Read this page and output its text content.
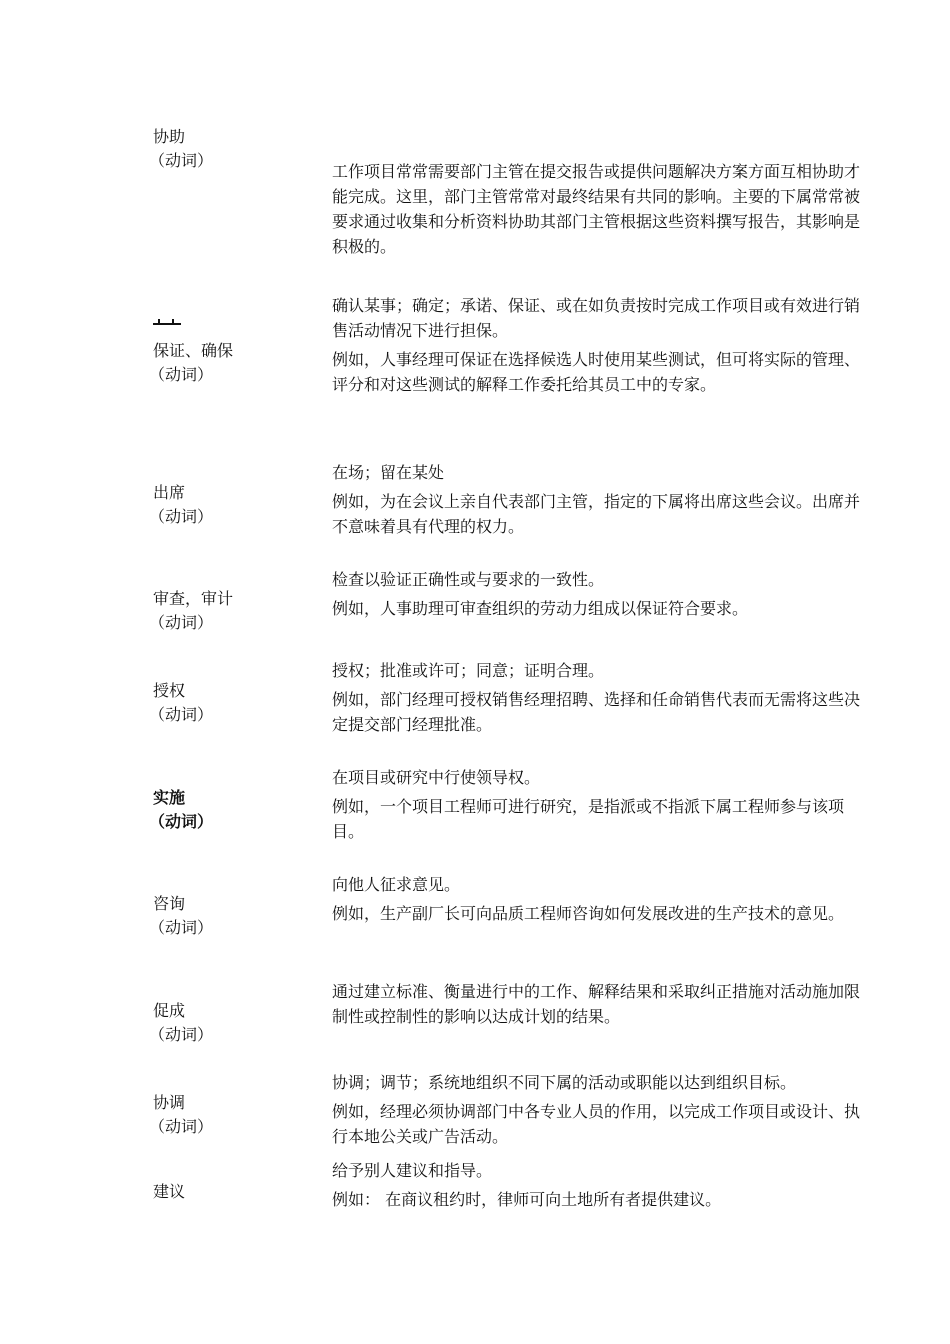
协助
（动词）

工作项目常常需要部门主管在提交报告或提供问题解决方案方面互相协助才能完成。这里，部门主管常常对最终结果有共同的影响。主要的下属常常被要求通过收集和分析资料协助其部门主管根据这些资料撰写报告，其影响是积极的。

保证、确保
（动词）

确认某事；确定；承诺、保证、或在如负责按时完成工作项目或有效进行销售活动情况下进行担保。

例如，人事经理可保证在选择候选人时使用某些测试，但可将实际的管理、评分和对这些测试的解释工作委托给其员工中的专家。

出席
（动词）

在场；留在某处

例如，为在会议上亲自代表部门主管，指定的下属将出席这些会议。出席并不意味着具有代理的权力。

审查，审计
（动词）

检查以验证正确性或与要求的一致性。

例如，人事助理可审查组织的劳动力组成以保证符合要求。

授权
（动词）

授权；批准或许可；同意；证明合理。

例如，部门经理可授权销售经理招聘、选择和任命销售代表而无需将这些决定提交部门经理批准。

实施
（动词）

在项目或研究中行使领导权。

例如，一个项目工程师可进行研究，是指派或不指派下属工程师参与该项目。

咨询
（动词）

向他人征求意见。

例如，生产副厂长可向品质工程师咨询如何发展改进的生产技术的意见。

促成
（动词）

通过建立标准、衡量进行中的工作、解释结果和采取纠正措施对活动施加限制性或控制性的影响以达成计划的结果。

协调
（动词）

协调；调节；系统地组织不同下属的活动或职能以达到组织目标。

例如，经理必须协调部门中各专业人员的作用，以完成工作项目或设计、执行本地公关或广告活动。

建议

给予别人建议和指导。

例如： 在商议租约时，律师可向土地所有者提供建议。
